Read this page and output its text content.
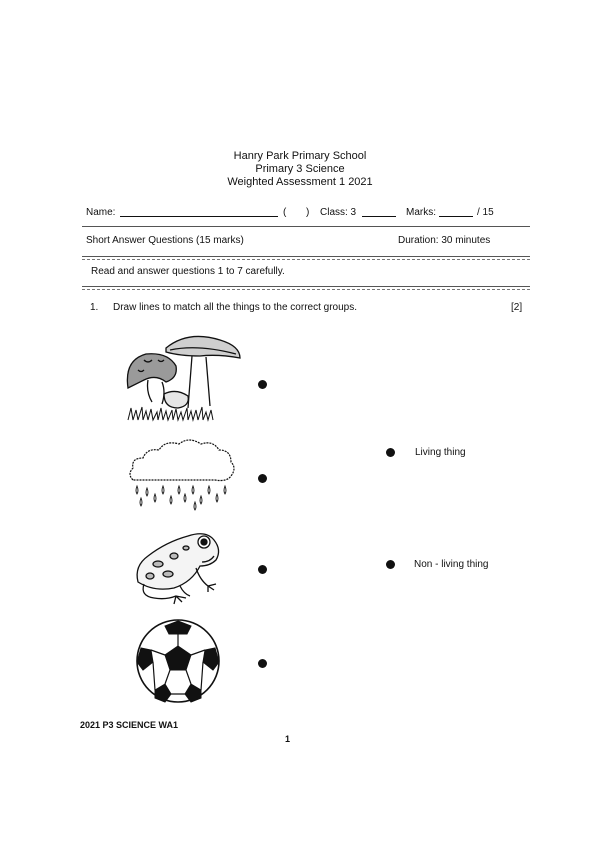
Hanry Park Primary School
Primary 3 Science
Weighted Assessment 1 2021
Name:	( ) Class: 3	Marks:	/ 15
Short Answer Questions (15 marks)	Duration: 30 minutes
Read and answer questions 1 to 7 carefully.
1. Draw lines to match all the things to the correct groups.	[2]
Living thing
Non - living thing
2021 P3 SCIENCE WA1
1
